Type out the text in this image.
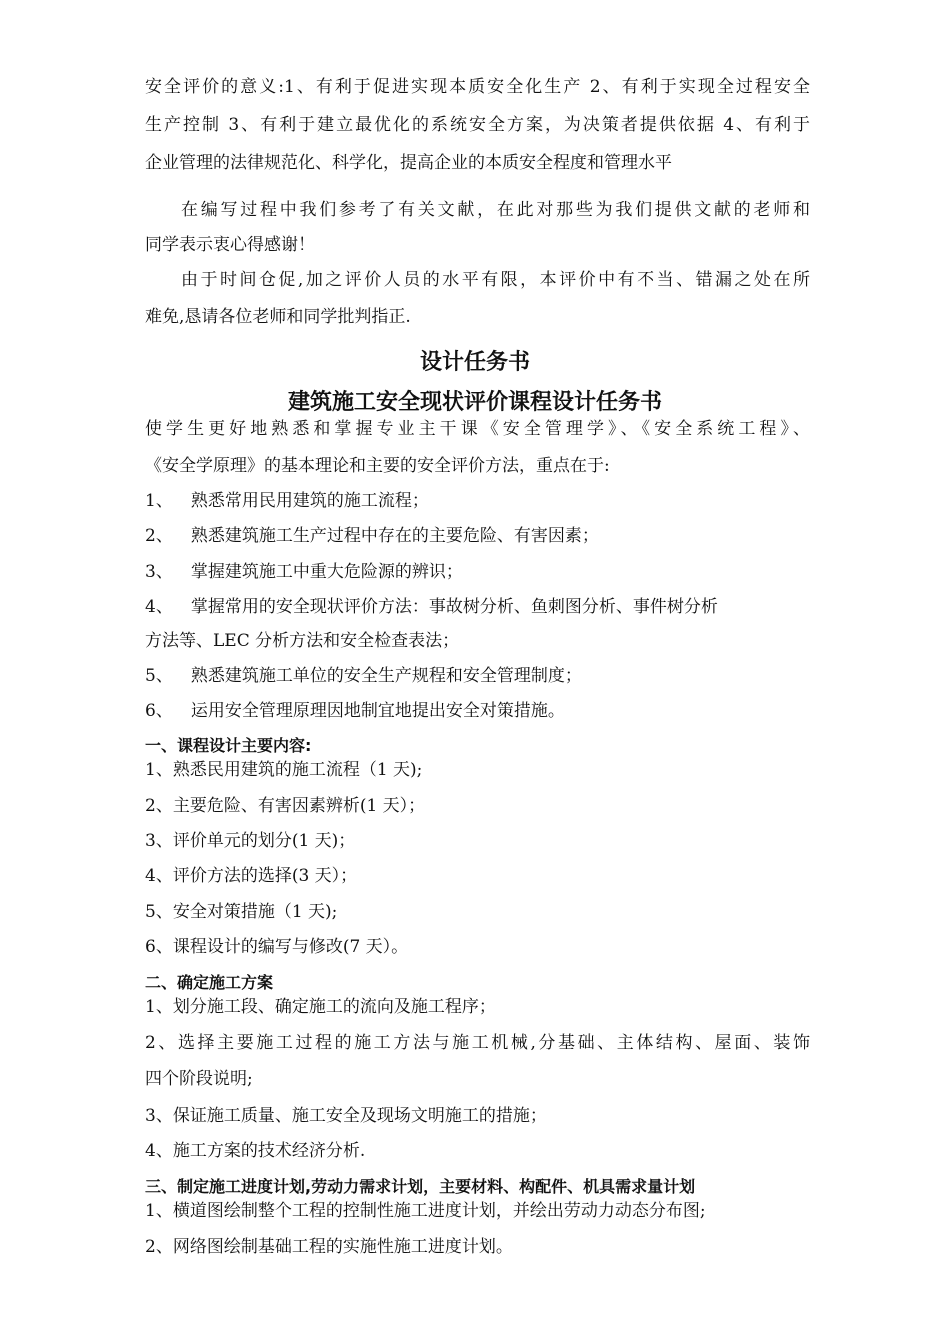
安全评价的意义:1、有利于促进实现本质安全化生产 2、有利于实现全过程安全
生产控制 3、有利于建立最优化的系统安全方案，为决策者提供依据 4、有利于
企业管理的法律规范化、科学化，提高企业的本质安全程度和管理水平
在编写过程中我们参考了有关文献，在此对那些为我们提供文献的老师和
同学表示衷心得感谢！
由于时间仓促,加之评价人员的水平有限，本评价中有不当、错漏之处在所
难免,恳请各位老师和同学批判指正.
设计任务书
建筑施工安全现状评价课程设计任务书
使学生更好地熟悉和掌握专业主干课《安全管理学》、《安全系统工程》、
《安全学原理》的基本理论和主要的安全评价方法，重点在于:
1、 熟悉常用民用建筑的施工流程；
2、 熟悉建筑施工生产过程中存在的主要危险、有害因素；
3、 掌握建筑施工中重大危险源的辨识；
4、 掌握常用的安全现状评价方法：事故树分析、鱼刺图分析、事件树分析
方法等、LEC 分析方法和安全检查表法；
5、 熟悉建筑施工单位的安全生产规程和安全管理制度；
6、 运用安全管理原理因地制宜地提出安全对策措施。
一、课程设计主要内容:
1、熟悉民用建筑的施工流程（1 天);
2、主要危险、有害因素辨析(1 天）；
3、评价单元的划分(1 天)；
4、评价方法的选择(3 天）；
5、安全对策措施（1 天);
6、课程设计的编写与修改(7 天）。
二、确定施工方案
1、划分施工段、确定施工的流向及施工程序；
2、选择主要施工过程的施工方法与施工机械,分基础、主体结构、屋面、装饰
四个阶段说明;
3、保证施工质量、施工安全及现场文明施工的措施；
4、施工方案的技术经济分析.
三、制定施工进度计划,劳动力需求计划，主要材料、构配件、机具需求量计划
1、横道图绘制整个工程的控制性施工进度计划，并绘出劳动力动态分布图;
2、网络图绘制基础工程的实施性施工进度计划。
